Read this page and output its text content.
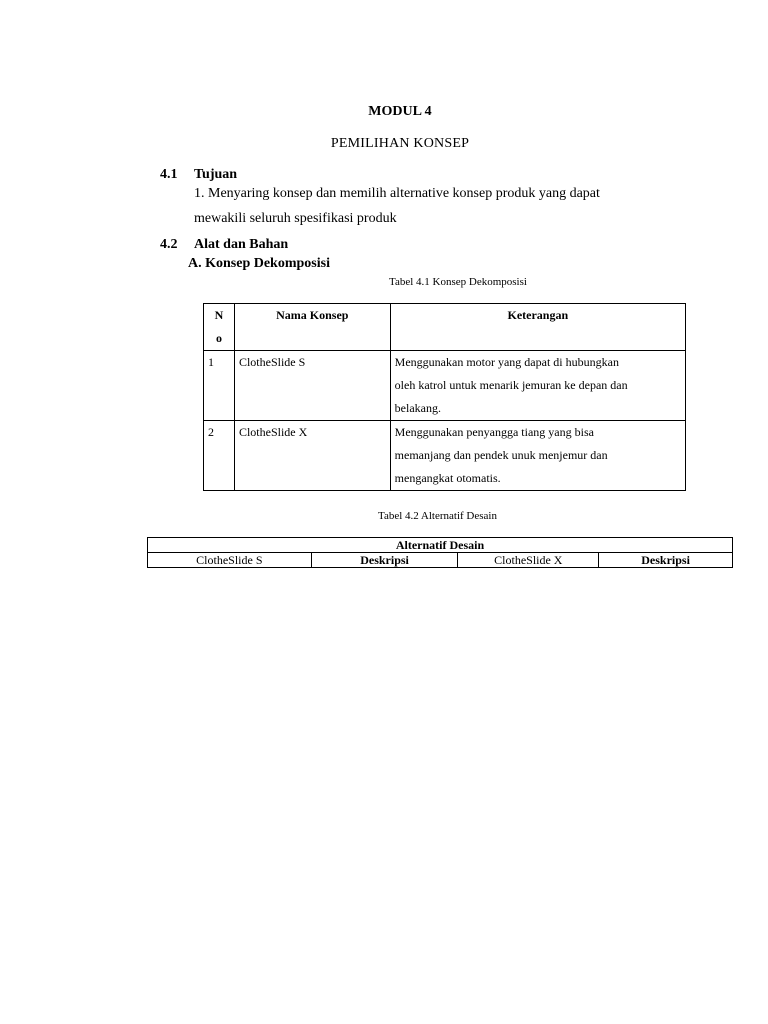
MODUL 4
PEMILIHAN KONSEP
4.1 Tujuan
1. Menyaring konsep dan memilih alternative konsep produk yang dapat
mewakili seluruh spesifikasi produk
4.2 Alat dan Bahan
A. Konsep Dekomposisi
Tabel 4.1 Konsep Dekomposisi
N
o	Nama Konsep	Keterangan
1	ClotheSlide S	Menggunakan motor yang dapat di hubungkan
oleh katrol untuk menarik jemuran ke depan dan
belakang.

2	ClotheSlide X	Menggunakan penyangga tiang yang bisa
memanjang dan pendek unuk menjemur dan
mengangkat otomatis.
Tabel 4.2 Alternatif Desain
Alternatif Desain
ClotheSlide S	Deskripsi	ClotheSlide X	Deskripsi
